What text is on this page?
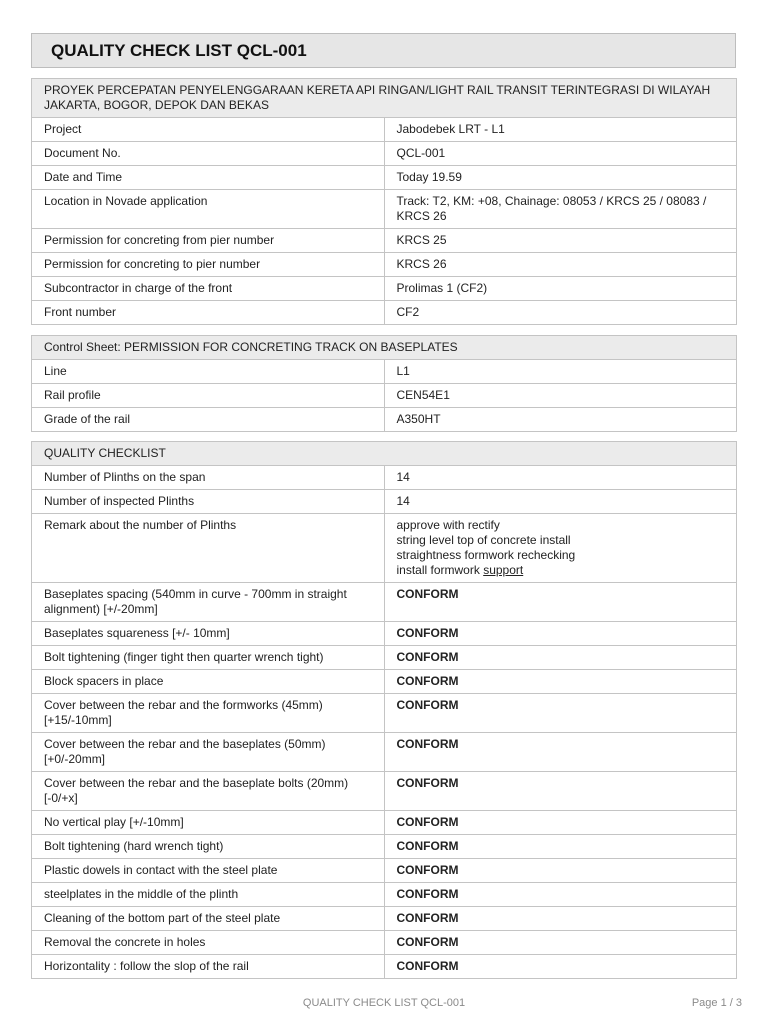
QUALITY CHECK LIST QCL-001
PROYEK PERCEPATAN PENYELENGGARAAN KERETA API RINGAN/LIGHT RAIL TRANSIT TERINTEGRASI DI WILAYAH JAKARTA, BOGOR, DEPOK DAN BEKAS	
Project	Jabodebek LRT - L1
Document No.	QCL-001
Date and Time	Today 19.59
Location in Novade application	Track: T2, KM: +08, Chainage: 08053 / KRCS 25 / 08083 / KRCS 26
Permission for concreting from pier number	KRCS 25
Permission for concreting to pier number	KRCS 26
Subcontractor in charge of the front	Prolimas 1 (CF2)
Front number	CF2
Control Sheet: PERMISSION FOR CONCRETING TRACK ON BASEPLATES	
Line	L1
Rail profile	CEN54E1
Grade of the rail	A350HT
QUALITY CHECKLIST	
Number of Plinths on the span	14
Number of inspected Plinths	14
Remark about the number of Plinths	approve with rectify
string level top of concrete install
straightness formwork rechecking
install formwork support

Baseplates spacing (540mm in curve - 700mm in straight alignment) [+/-20mm]	CONFORM
Baseplates squareness [+/- 10mm]	CONFORM
Bolt tightening (finger tight then quarter wrench tight)	CONFORM
Block spacers in place	CONFORM
Cover between the rebar and the formworks (45mm) [+15/-10mm]	CONFORM
Cover between the rebar and the baseplates (50mm) [+0/-20mm]	CONFORM
Cover between the rebar and the baseplate bolts (20mm) [-0/+x]	CONFORM
No vertical play [+/-10mm]	CONFORM
Bolt tightening (hard wrench tight)	CONFORM
Plastic dowels in contact with the steel plate	CONFORM
steelplates in the middle of the plinth	CONFORM
Cleaning of the bottom part of the steel plate	CONFORM
Removal the concrete in holes	CONFORM
Horizontality : follow the slop of the rail	CONFORM
QUALITY CHECK LIST QCL-001	Page 1 / 3
